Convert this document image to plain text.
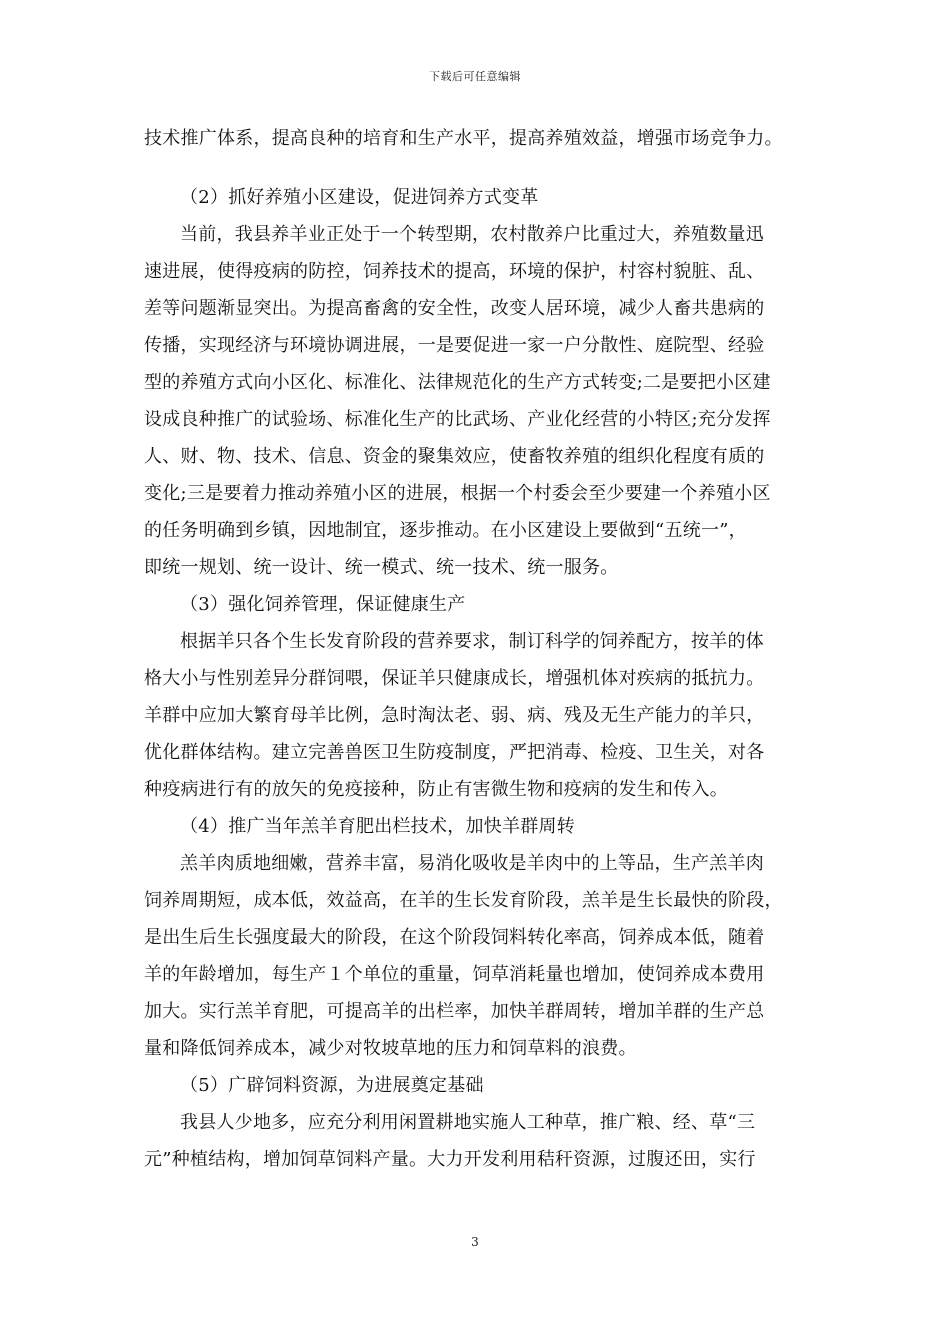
下载后可任意编辑
技术推广体系，提高良种的培育和生产水平，提高养殖效益，增强市场竞争力。
（2）抓好养殖小区建设，促进饲养方式变革
当前，我县养羊业正处于一个转型期，农村散养户比重过大，养殖数量迅
速进展，使得疫病的防控，饲养技术的提高，环境的保护，村容村貌脏、乱、
差等问题渐显突出。为提高畜禽的安全性，改变人居环境，减少人畜共患病的
传播，实现经济与环境协调进展，一是要促进一家一户分散性、庭院型、经验
型的养殖方式向小区化、标准化、法律规范化的生产方式转变;二是要把小区建
设成良种推广的试验场、标准化生产的比武场、产业化经营的小特区;充分发挥
人、财、物、技术、信息、资金的聚集效应，使畜牧养殖的组织化程度有质的
变化;三是要着力推动养殖小区的进展，根据一个村委会至少要建一个养殖小区
的任务明确到乡镇，因地制宜，逐步推动。在小区建设上要做到“五统一”，
即统一规划、统一设计、统一模式、统一技术、统一服务。
（3）强化饲养管理，保证健康生产
根据羊只各个生长发育阶段的营养要求，制订科学的饲养配方，按羊的体
格大小与性别差异分群饲喂，保证羊只健康成长，增强机体对疾病的抵抗力。
羊群中应加大繁育母羊比例，急时淘汰老、弱、病、残及无生产能力的羊只，
优化群体结构。建立完善兽医卫生防疫制度，严把消毒、检疫、卫生关，对各
种疫病进行有的放矢的免疫接种，防止有害微生物和疫病的发生和传入。
（4）推广当年羔羊育肥出栏技术，加快羊群周转
羔羊肉质地细嫩，营养丰富，易消化吸收是羊肉中的上等品，生产羔羊肉
饲养周期短，成本低，效益高，在羊的生长发育阶段，羔羊是生长最快的阶段，
是出生后生长强度最大的阶段，在这个阶段饲料转化率高，饲养成本低，随着
羊的年龄增加，每生产１个单位的重量，饲草消耗量也增加，使饲养成本费用
加大。实行羔羊育肥，可提高羊的出栏率，加快羊群周转，增加羊群的生产总
量和降低饲养成本，减少对牧坡草地的压力和饲草料的浪费。
（5）广辟饲料资源，为进展奠定基础
我县人少地多，应充分利用闲置耕地实施人工种草，推广粮、经、草“三
元”种植结构，增加饲草饲料产量。大力开发利用秸秆资源，过腹还田，实行
3
